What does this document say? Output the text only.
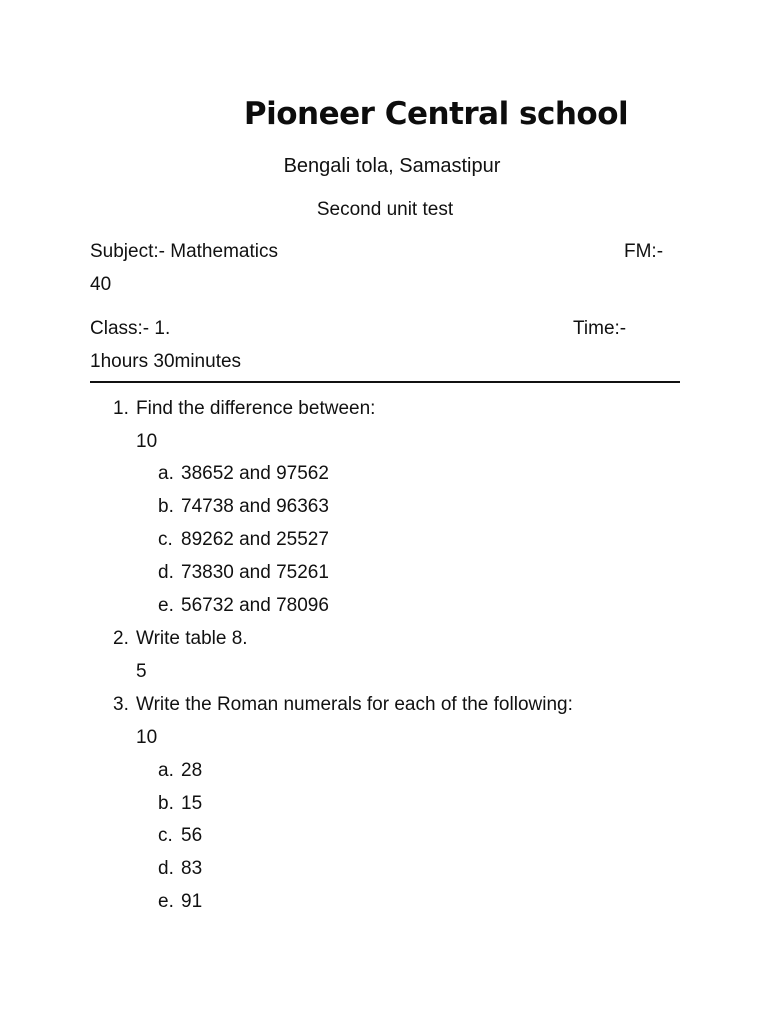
Pioneer Central school
Bengali tola, Samastipur
Second unit test
Subject:- Mathematics	FM:-
40
Class:- 1.	Time:-
1hours 30minutes
1. Find the difference between:
10
a. 38652 and 97562
b. 74738 and 96363
c. 89262 and 25527
d. 73830 and 75261
e. 56732 and 78096
2. Write table 8.
5
3. Write the Roman numerals for each of the following:
10
a. 28
b. 15
c. 56
d. 83
e. 91
